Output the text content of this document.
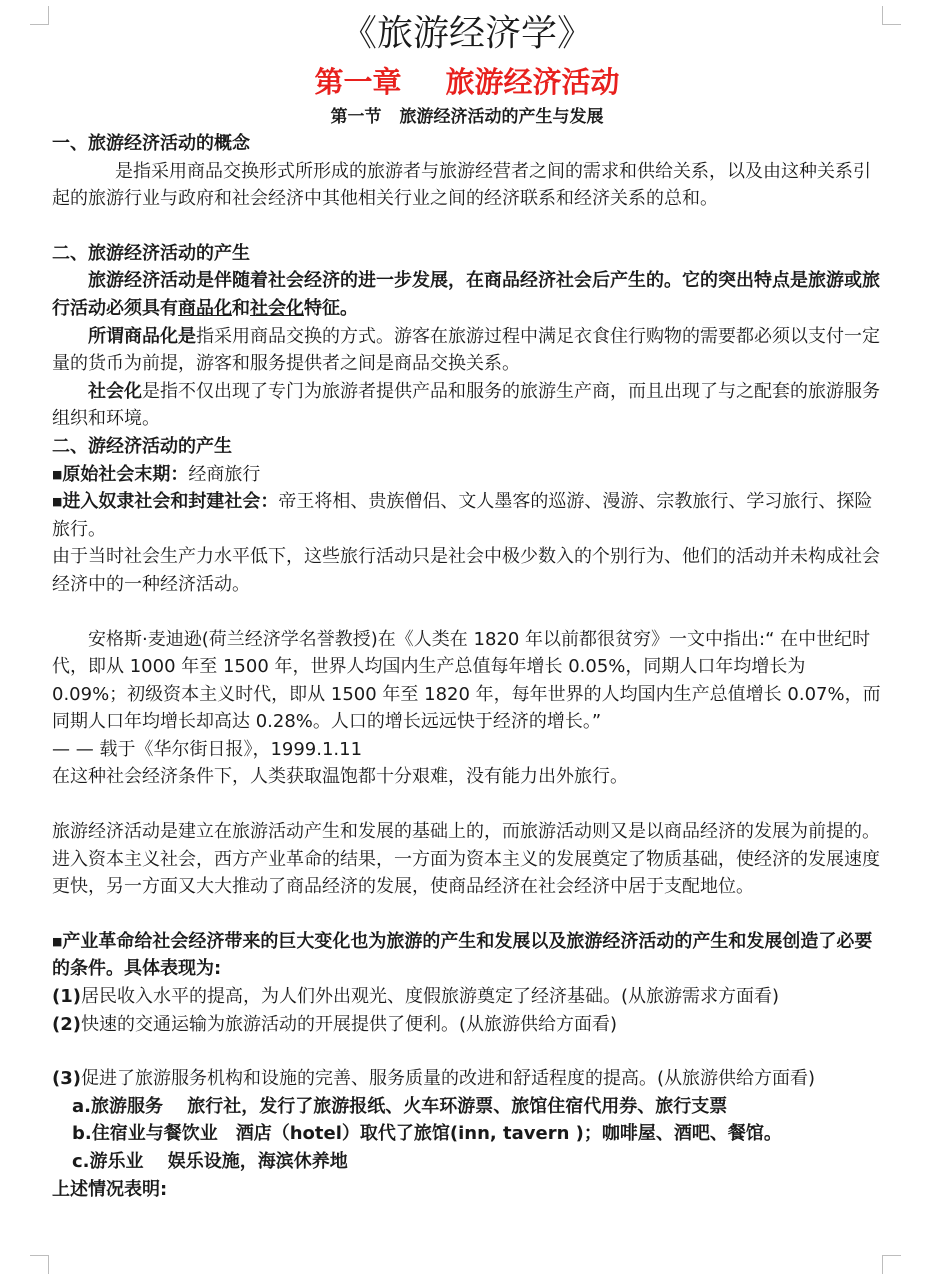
《旅游经济学》
第一章 旅游经济活动
第一节 旅游经济活动的产生与发展

一、旅游经济活动的概念

是指采用商品交换形式所形成的旅游者与旅游经营者之间的需求和供给关系，以及由这种关系引起的旅游行业与政府和社会经济中其他相关行业之间的经济联系和经济关系的总和。

二、旅游经济活动的产生

旅游经济活动是伴随着社会经济的进一步发展，在商品经济社会后产生的。它的突出特点是旅游或旅行活动必须具有商品化和社会化特征。

所谓商品化是指采用商品交换的方式。游客在旅游过程中满足衣食住行购物的需要都必须以支付一定量的货币为前提，游客和服务提供者之间是商品交换关系。

社会化是指不仅出现了专门为旅游者提供产品和服务的旅游生产商，而且出现了与之配套的旅游服务组织和环境。

二、游经济活动的产生

■原始社会末期：经商旅行

■进入奴隶社会和封建社会：帝王将相、贵族僧侣、文人墨客的巡游、漫游、宗教旅行、学习旅行、探险旅行。

由于当时社会生产力水平低下，这些旅行活动只是社会中极少数入的个别行为、他们的活动并未构成社会经济中的一种经济活动。

安格斯·麦迪逊(荷兰经济学名誉教授)在《人类在 1820 年以前都很贫穷》一文中指出:“ 在中世纪时代，即从 1000 年至 1500 年，世界人均国内生产总值每年增长 0.05%，同期人口年均增长为 0.09%；初级资本主义时代，即从 1500 年至 1820 年，每年世界的人均国内生产总值增长 0.07%，而同期人口年均增长却高达 0.28%。人口的增长远远快于经济的增长。”

— — 载于《华尔街日报》，1999.1.11

在这种社会经济条件下，人类获取温饱都十分艰难，没有能力出外旅行。

旅游经济活动是建立在旅游活动产生和发展的基础上的，而旅游活动则又是以商品经济的发展为前提的。

进入资本主义社会，西方产业革命的结果，一方面为资本主义的发展奠定了物质基础，使经济的发展速度更快，另一方面又大大推动了商品经济的发展，使商品经济在社会经济中居于支配地位。

■产业革命给社会经济带来的巨大变化也为旅游的产生和发展以及旅游经济活动的产生和发展创造了必要的条件。具体表现为:

(1)居民收入水平的提高，为人们外出观光、度假旅游奠定了经济基础。(从旅游需求方面看)

(2)快速的交通运输为旅游活动的开展提供了便利。(从旅游供给方面看)

(3)促进了旅游服务机构和设施的完善、服务质量的改进和舒适程度的提高。(从旅游供给方面看)

a.旅游服务　 旅行社，发行了旅游报纸、火车环游票、旅馆住宿代用券、旅行支票

b.住宿业与餐饮业　酒店（hotel）取代了旅馆(inn, tavern )；咖啡屋、酒吧、餐馆。

c.游乐业　 娱乐设施，海滨休养地

上述情况表明:
